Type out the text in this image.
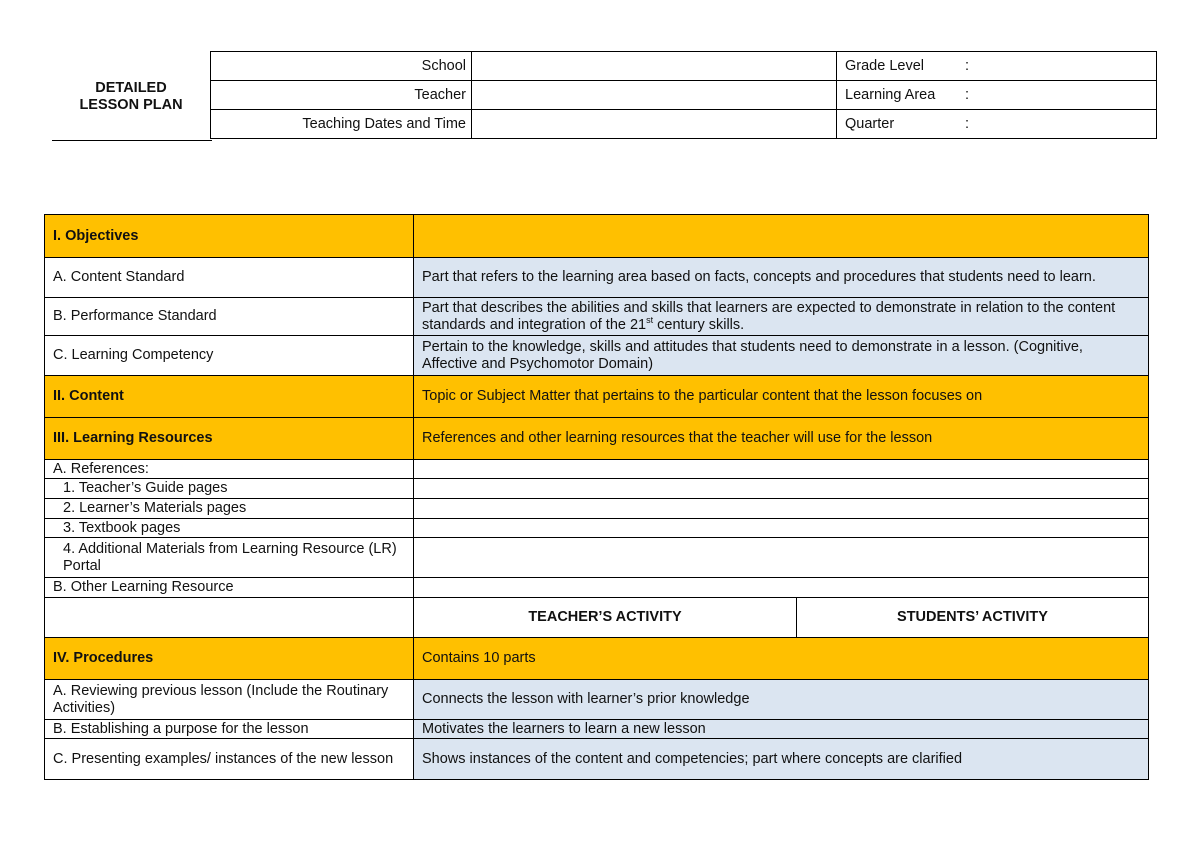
DETAILED
LESSON PLAN
School		Grade Level :
Teacher		Learning Area :
Teaching Dates and Time		Quarter :
I. Objectives		
A. Content Standard	Part that refers to the learning area based on facts, concepts and procedures that students need to learn.	
B. Performance Standard	Part that describes the abilities and skills that learners are expected to demonstrate in relation to the content standards and integration of the 21st century skills.	
C. Learning Competency	Pertain to the knowledge, skills and attitudes that students need to demonstrate in a lesson. (Cognitive, Affective and Psychomotor Domain)	
II. Content	Topic or Subject Matter that pertains to the particular content that the lesson focuses on	
III. Learning Resources	References and other learning resources that the teacher will use for the lesson	
A. References:		
1. Teacher’s Guide pages		
2. Learner’s Materials pages		
3. Textbook pages		

4. Additional Materials from Learning Resource (LR) Portal		

B. Other Learning Resource		
	TEACHER’S ACTIVITY	STUDENTS’ ACTIVITY
IV. Procedures	Contains 10 parts	
A. Reviewing previous lesson (Include the Routinary Activities)	Connects the lesson with learner’s prior knowledge	
B. Establishing a purpose for the lesson	Motivates the learners to learn a new lesson	
C. Presenting examples/ instances of the new lesson	Shows instances of the content and competencies; part where concepts are clarified	
